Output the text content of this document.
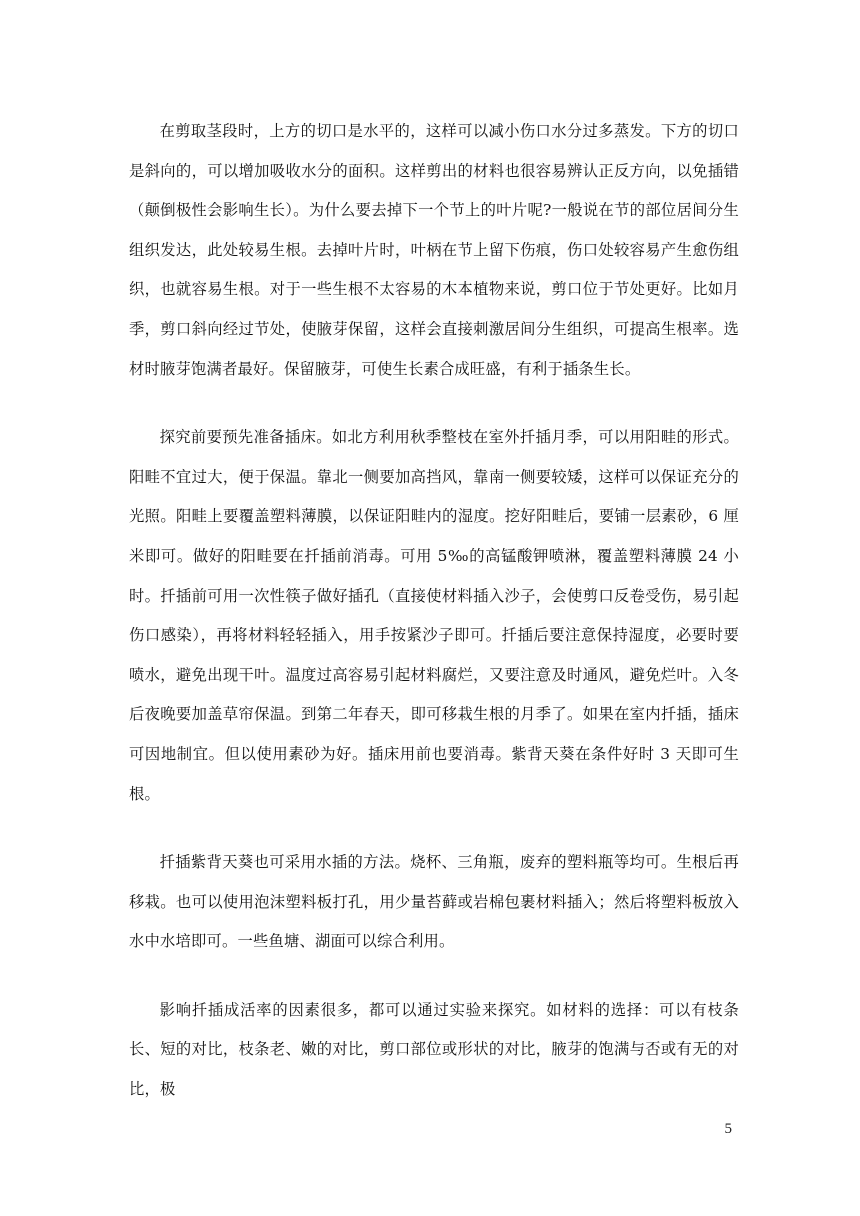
在剪取茎段时，上方的切口是水平的，这样可以减小伤口水分过多蒸发。下方的切口是斜向的，可以增加吸收水分的面积。这样剪出的材料也很容易辨认正反方向，以免插错（颠倒极性会影响生长）。为什么要去掉下一个节上的叶片呢?一般说在节的部位居间分生组织发达，此处较易生根。去掉叶片时，叶柄在节上留下伤痕，伤口处较容易产生愈伤组织，也就容易生根。对于一些生根不太容易的木本植物来说，剪口位于节处更好。比如月季，剪口斜向经过节处，使腋芽保留，这样会直接刺激居间分生组织，可提高生根率。选材时腋芽饱满者最好。保留腋芽，可使生长素合成旺盛，有利于插条生长。

探究前要预先准备插床。如北方利用秋季整枝在室外扦插月季，可以用阳畦的形式。阳畦不宜过大，便于保温。靠北一侧要加高挡风，靠南一侧要较矮，这样可以保证充分的光照。阳畦上要覆盖塑料薄膜，以保证阳畦内的湿度。挖好阳畦后，要铺一层素砂，6 厘米即可。做好的阳畦要在扦插前消毒。可用 5‰的高锰酸钾喷淋，覆盖塑料薄膜 24 小时。扦插前可用一次性筷子做好插孔（直接使材料插入沙子，会使剪口反卷受伤，易引起伤口感染），再将材料轻轻插入，用手按紧沙子即可。扦插后要注意保持湿度，必要时要喷水，避免出现干叶。温度过高容易引起材料腐烂，又要注意及时通风，避免烂叶。入冬后夜晚要加盖草帘保温。到第二年春天，即可移栽生根的月季了。如果在室内扦插，插床可因地制宜。但以使用素砂为好。插床用前也要消毒。紫背天葵在条件好时 3 天即可生根。

扦插紫背天葵也可采用水插的方法。烧杯、三角瓶，废弃的塑料瓶等均可。生根后再移栽。也可以使用泡沫塑料板打孔，用少量苔藓或岩棉包裹材料插入；然后将塑料板放入水中水培即可。一些鱼塘、湖面可以综合利用。

影响扦插成活率的因素很多，都可以通过实验来探究。如材料的选择：可以有枝条长、短的对比，枝条老、嫩的对比，剪口部位或形状的对比，腋芽的饱满与否或有无的对比，极

5
